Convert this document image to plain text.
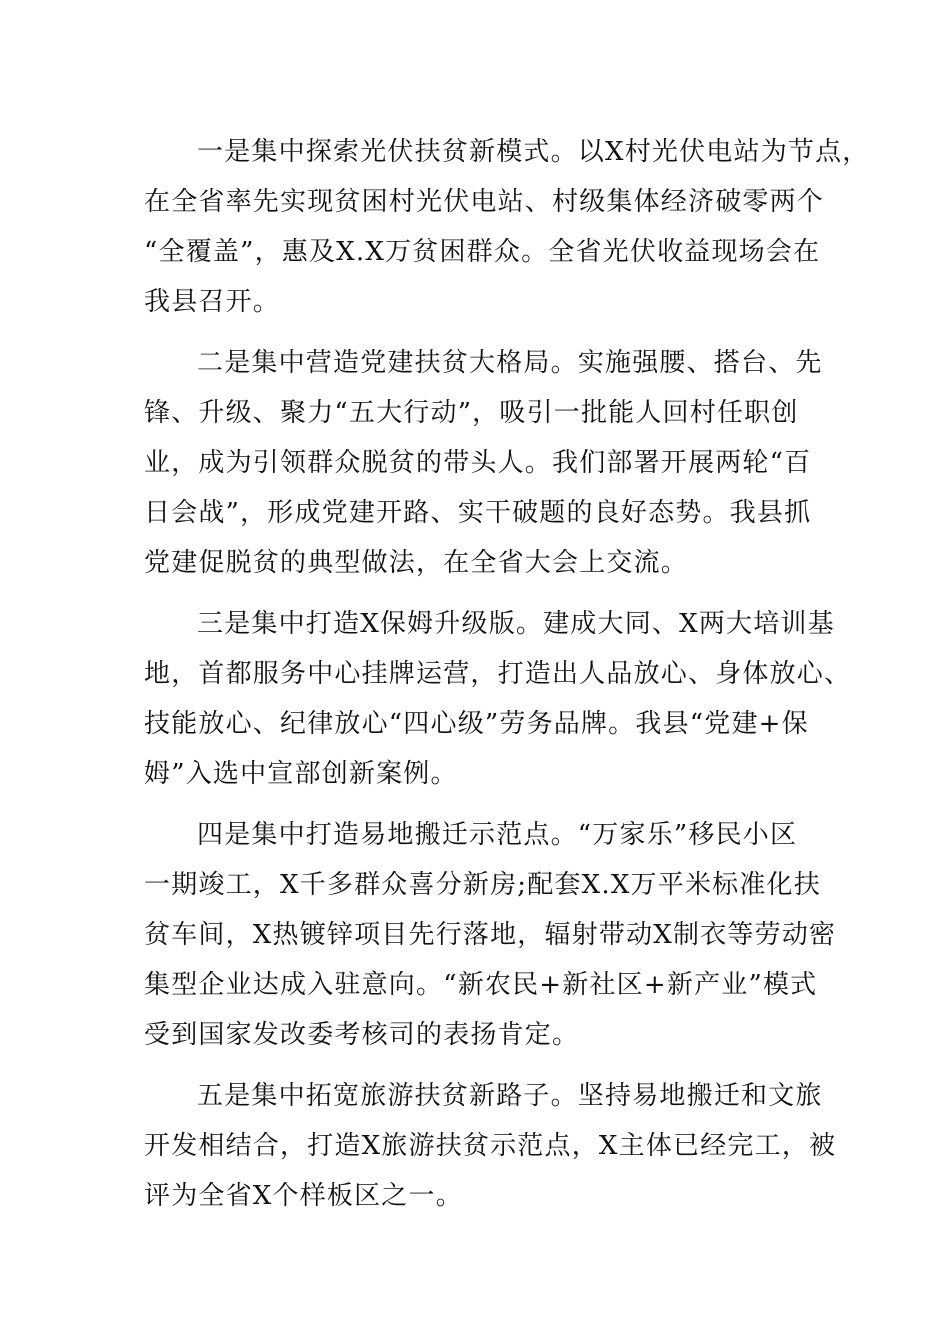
一是集中探索光伏扶贫新模式。以X村光伏电站为节点，
在全省率先实现贫困村光伏电站、村级集体经济破零两个
“全覆盖”，惠及X.X万贫困群众。全省光伏收益现场会在
我县召开。
二是集中营造党建扶贫大格局。实施强腰、搭台、先
锋、升级、聚力“五大行动”，吸引一批能人回村任职创
业，成为引领群众脱贫的带头人。我们部署开展两轮“百
日会战”，形成党建开路、实干破题的良好态势。我县抓
党建促脱贫的典型做法，在全省大会上交流。
三是集中打造X保姆升级版。建成大同、X两大培训基
地，首都服务中心挂牌运营，打造出人品放心、身体放心、
技能放心、纪律放心“四心级”劳务品牌。我县“党建+保
姆”入选中宣部创新案例。
四是集中打造易地搬迁示范点。“万家乐”移民小区
一期竣工，X千多群众喜分新房;配套X.X万平米标准化扶
贫车间，X热镀锌项目先行落地，辐射带动X制衣等劳动密
集型企业达成入驻意向。“新农民+新社区+新产业”模式
受到国家发改委考核司的表扬肯定。
五是集中拓宽旅游扶贫新路子。坚持易地搬迁和文旅
开发相结合，打造X旅游扶贫示范点，X主体已经完工，被
评为全省X个样板区之一。
